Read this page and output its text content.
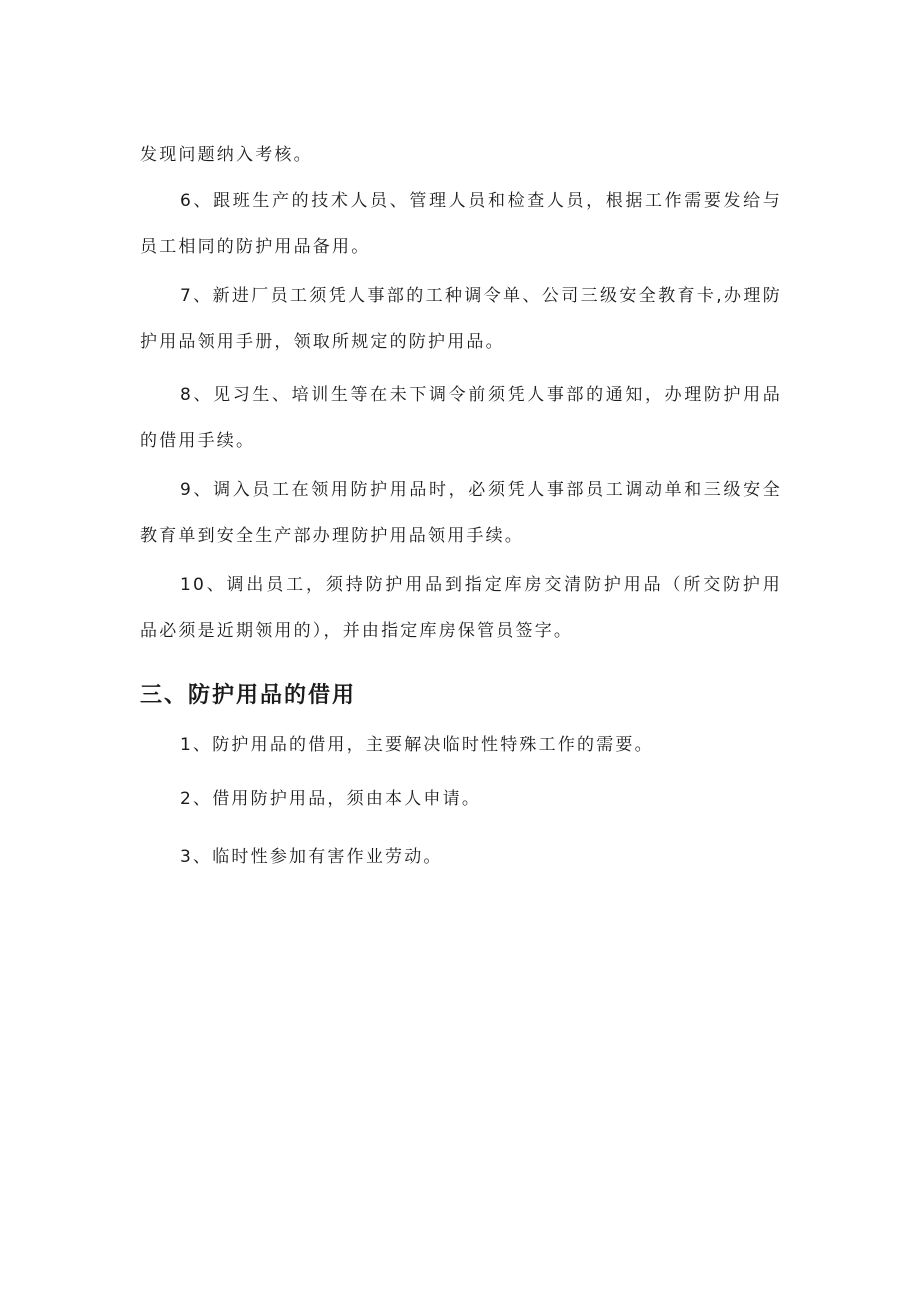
发现问题纳入考核。

6、跟班生产的技术人员、管理人员和检查人员，根据工作需要发给与员工相同的防护用品备用。

7、新进厂员工须凭人事部的工种调令单、公司三级安全教育卡,办理防护用品领用手册，领取所规定的防护用品。

8、见习生、培训生等在未下调令前须凭人事部的通知，办理防护用品的借用手续。

9、调入员工在领用防护用品时，必须凭人事部员工调动单和三级安全教育单到安全生产部办理防护用品领用手续。

10、调出员工，须持防护用品到指定库房交清防护用品（所交防护用品必须是近期领用的），并由指定库房保管员签字。

三、防护用品的借用

1、防护用品的借用，主要解决临时性特殊工作的需要。

2、借用防护用品，须由本人申请。

3、临时性参加有害作业劳动。
